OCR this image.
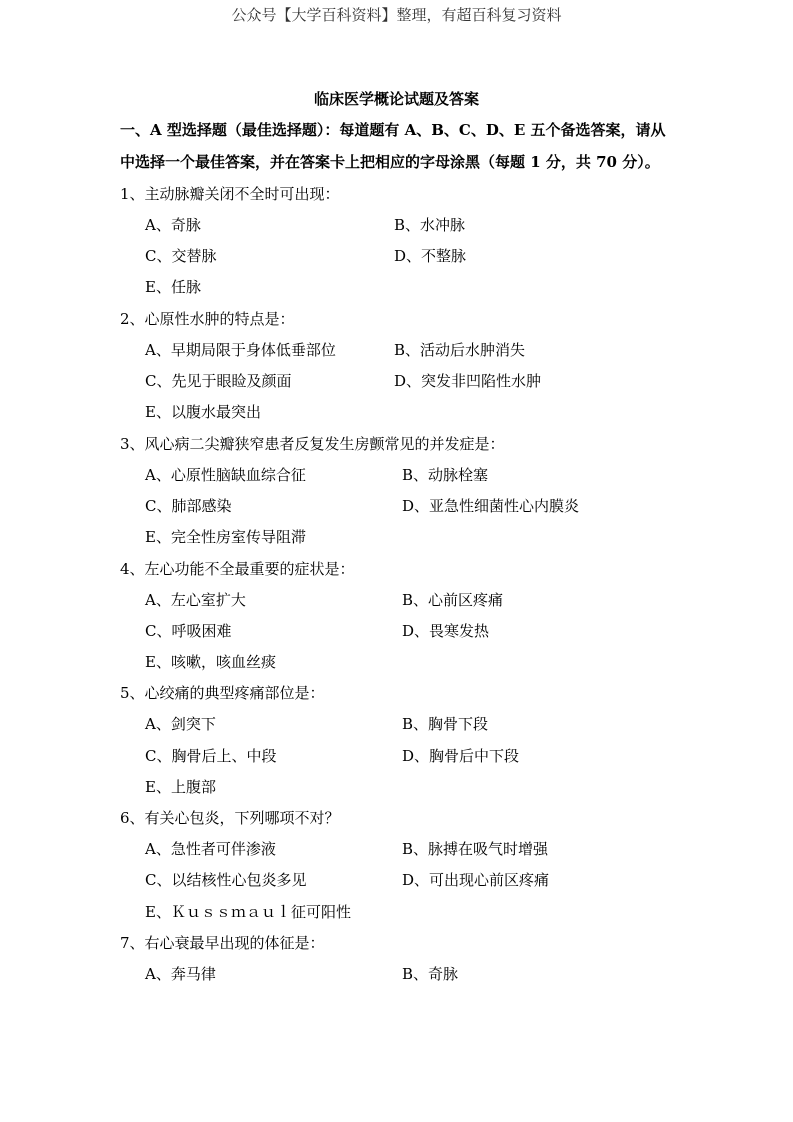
公众号【大学百科资料】整理，有超百科复习资料
临床医学概论试题及答案
一、A 型选择题（最佳选择题）：每道题有 A、B、C、D、E 五个备选答案，请从
中选择一个最佳答案，并在答案卡上把相应的字母涂黑（每题 1 分，共 70 分）。
1、主动脉瓣关闭不全时可出现：
A、奇脉	B、水冲脉
C、交替脉	D、不整脉
E、任脉
2、心原性水肿的特点是：
A、早期局限于身体低垂部位	B、活动后水肿消失
C、先见于眼睑及颜面	D、突发非凹陷性水肿
E、以腹水最突出
3、风心病二尖瓣狭窄患者反复发生房颤常见的并发症是：
A、心原性脑缺血综合征	B、动脉栓塞
C、肺部感染	D、亚急性细菌性心内膜炎
E、完全性房室传导阻滞
4、左心功能不全最重要的症状是：
A、左心室扩大	B、心前区疼痛
C、呼吸困难	D、畏寒发热
E、咳嗽，咳血丝痰
5、心绞痛的典型疼痛部位是：
A、剑突下	B、胸骨下段
C、胸骨后上、中段	D、胸骨后中下段
E、上腹部
6、有关心包炎，下列哪项不对？
A、急性者可伴渗液	B、脉搏在吸气时增强
C、以结核性心包炎多见	D、可出现心前区疼痛
E、Ｋｕｓｓｍａｕｌ征可阳性
7、右心衰最早出现的体征是：
A、奔马律	B、奇脉
